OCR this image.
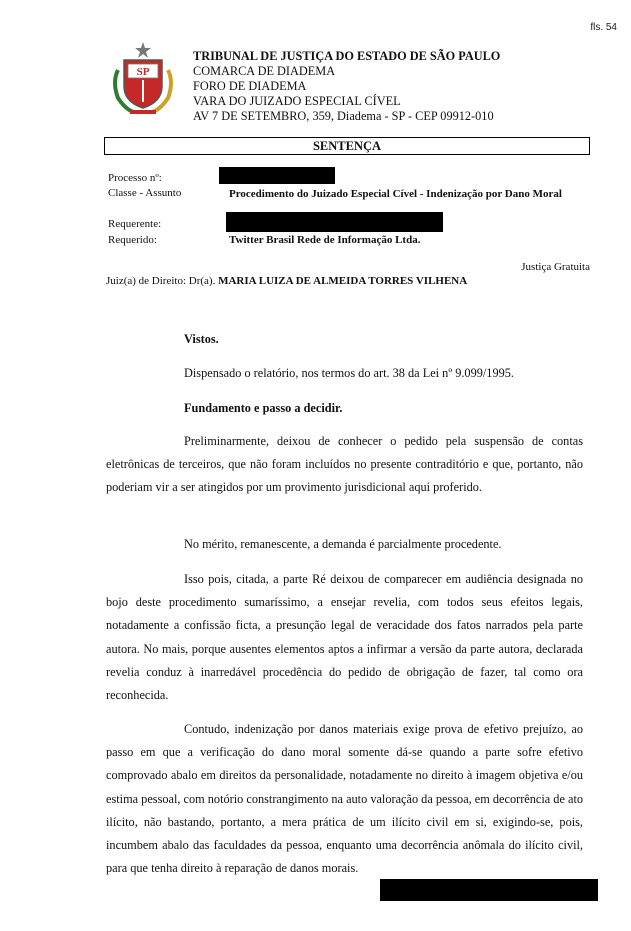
fls. 54
SP
TRIBUNAL DE JUSTIÇA DO ESTADO DE SÃO PAULO
COMARCA DE DIADEMA
FORO DE DIADEMA
VARA DO JUIZADO ESPECIAL CÍVEL
AV 7 DE SETEMBRO, 359, Diadema - SP - CEP 09912-010
SENTENÇA
Processo nº:
Classe - Assunto	Procedimento do Juizado Especial Cível - Indenização por Dano Moral
Requerente:
Requerido:	Twitter Brasil Rede de Informação Ltda.
Justiça Gratuita
Juiz(a) de Direito: Dr(a). MARIA LUIZA DE ALMEIDA TORRES VILHENA
Vistos.
Dispensado o relatório, nos termos do art. 38 da Lei nº 9.099/1995.
Fundamento e passo a decidir.
Preliminarmente, deixou de conhecer o pedido pela suspensão de contas eletrônicas de terceiros, que não foram incluídos no presente contraditório e que, portanto, não poderiam vir a ser atingidos por um provimento jurisdicional aqui proferido.
No mérito, remanescente, a demanda é parcialmente procedente.
Isso pois, citada, a parte Ré deixou de comparecer em audiência designada no bojo deste procedimento sumaríssimo, a ensejar revelia, com todos seus efeitos legais, notadamente a confissão ficta, a presunção legal de veracidade dos fatos narrados pela parte autora. No mais, porque ausentes elementos aptos a infirmar a versão da parte autora, declarada revelia conduz à inarredável procedência do pedido de obrigação de fazer, tal como ora reconhecida.
Contudo, indenização por danos materiais exige prova de efetivo prejuízo, ao passo em que a verificação do dano moral somente dá-se quando a parte sofre efetivo comprovado abalo em direitos da personalidade, notadamente no direito à imagem objetiva e/ou estima pessoal, com notório constrangimento na auto valoração da pessoa, em decorrência de ato ilícito, não bastando, portanto, a mera prática de um ilícito civil em si, exigindo-se, pois, incumbem abalo das faculdades da pessoa, enquanto uma decorrência anômala do ilícito civil, para que tenha direito à reparação de danos morais.
